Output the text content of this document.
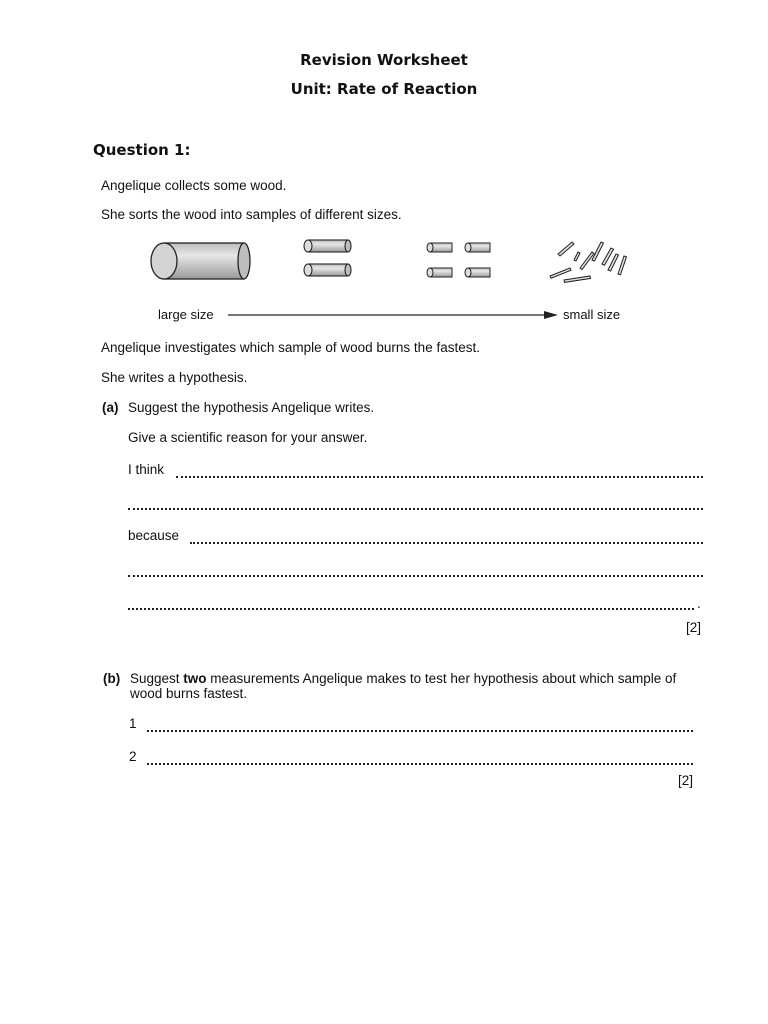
Revision Worksheet
Unit: Rate of Reaction
Question 1:
Angelique collects some wood.
She sorts the wood into samples of different sizes.
large size	small size
Angelique investigates which sample of wood burns the fastest.
She writes a hypothesis.
(a) Suggest the hypothesis Angelique writes.
Give a scientific reason for your answer.
I think
because
.
[2]
(b) Suggest two measurements Angelique makes to test her hypothesis about which sample of
wood burns fastest.
1
2
[2]
